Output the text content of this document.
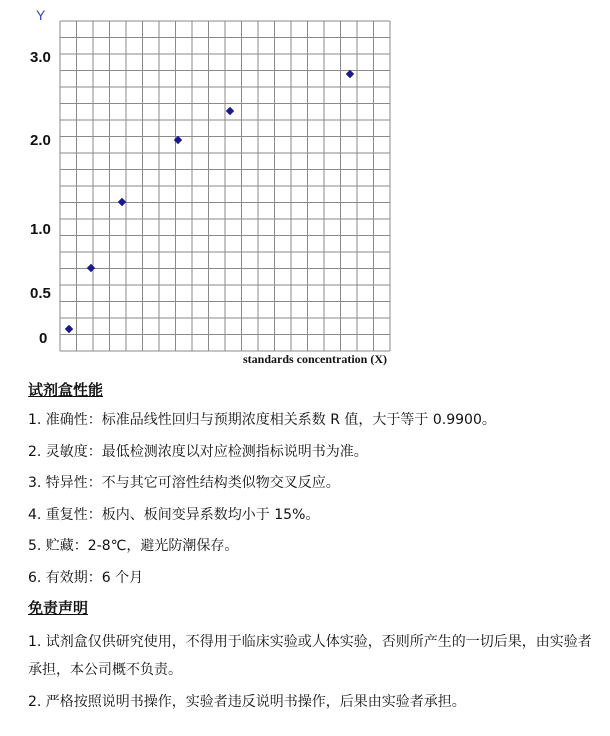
Y
3.0
2.0
1.0
0.5
0
standards concentration (X)
试剂盒性能
1. 准确性：标准品线性回归与预期浓度相关系数 R 值，大于等于 0.9900。
2. 灵敏度：最低检测浓度以对应检测指标说明书为准。
3. 特异性：不与其它可溶性结构类似物交叉反应。
4. 重复性：板内、板间变异系数均小于 15%。
5. 贮藏：2-8℃，避光防潮保存。
6. 有效期：6 个月
免责声明
1. 试剂盒仅供研究使用，不得用于临床实验或人体实验，否则所产生的一切后果，由实验者承担，本公司概不负责。
2. 严格按照说明书操作，实验者违反说明书操作，后果由实验者承担。
